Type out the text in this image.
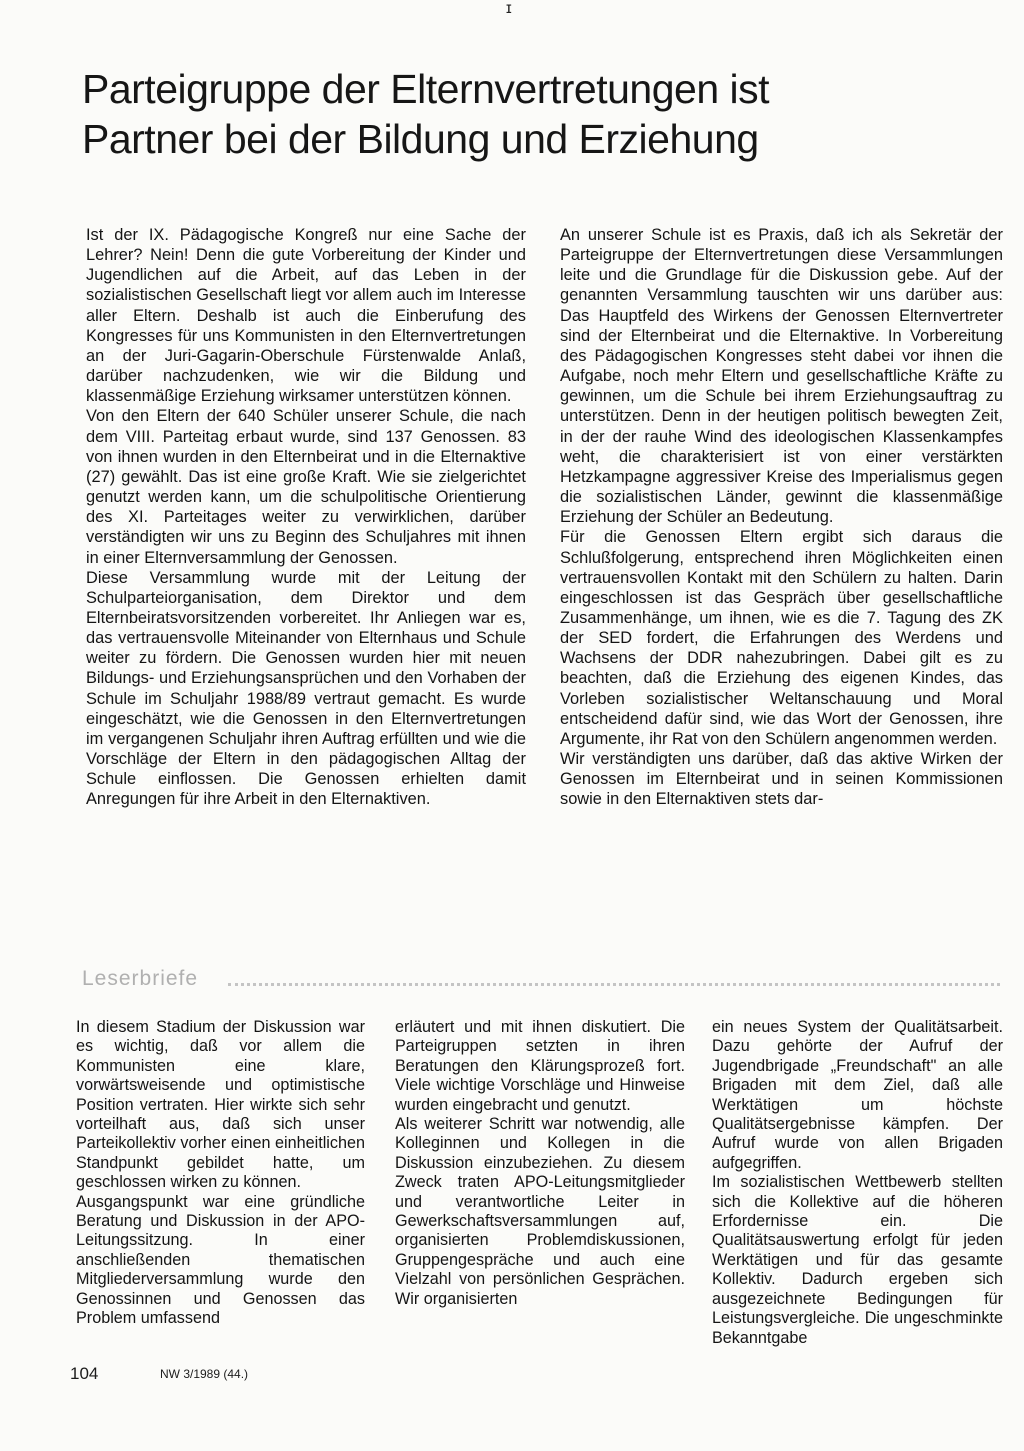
ɪ
Parteigruppe der Elternvertretungen ist
Partner bei der Bildung und Erziehung

Ist der IX. Pädagogische Kongreß nur eine Sache der Lehrer? Nein! Denn die gute Vorbereitung der Kinder und Jugendlichen auf die Arbeit, auf das Leben in der sozialistischen Gesellschaft liegt vor allem auch im Interesse aller Eltern. Deshalb ist auch die Einberufung des Kongresses für uns Kommunisten in den Elternvertretungen an der Juri-Gagarin-Oberschule Fürstenwalde Anlaß, darüber nachzudenken, wie wir die Bildung und klassenmäßige Erziehung wirksamer unterstützen können.

Von den Eltern der 640 Schüler unserer Schule, die nach dem VIII. Parteitag erbaut wurde, sind 137 Genossen. 83 von ihnen wurden in den Elternbeirat und in die Elternaktive (27) gewählt. Das ist eine große Kraft. Wie sie zielgerichtet genutzt werden kann, um die schulpolitische Orientierung des XI. Parteitages weiter zu verwirklichen, darüber verständigten wir uns zu Beginn des Schuljahres mit ihnen in einer Elternversammlung der Genossen.

Diese Versammlung wurde mit der Leitung der Schulparteiorganisation, dem Direktor und dem Elternbeiratsvorsitzenden vorbereitet. Ihr Anliegen war es, das vertrauensvolle Miteinander von Elternhaus und Schule weiter zu fördern. Die Genossen wurden hier mit neuen Bildungs- und Erziehungsansprüchen und den Vorhaben der Schule im Schuljahr 1988/89 vertraut gemacht. Es wurde eingeschätzt, wie die Genossen in den Elternvertretungen im vergangenen Schuljahr ihren Auftrag erfüllten und wie die Vorschläge der Eltern in den pädagogischen Alltag der Schule einflossen. Die Genossen erhielten damit Anregungen für ihre Arbeit in den Elternaktiven.

An unserer Schule ist es Praxis, daß ich als Sekretär der Parteigruppe der Elternvertretungen diese Versammlungen leite und die Grundlage für die Diskussion gebe. Auf der genannten Versammlung tauschten wir uns darüber aus: Das Hauptfeld des Wirkens der Genossen Elternvertreter sind der Elternbeirat und die Elternaktive. In Vorbereitung des Pädagogischen Kongresses steht dabei vor ihnen die Aufgabe, noch mehr Eltern und gesellschaftliche Kräfte zu gewinnen, um die Schule bei ihrem Erziehungsauftrag zu unterstützen. Denn in der heutigen politisch bewegten Zeit, in der der rauhe Wind des ideologischen Klassenkampfes weht, die charakterisiert ist von einer verstärkten Hetzkampagne aggressiver Kreise des Imperialismus gegen die sozialistischen Länder, gewinnt die klassenmäßige Erziehung der Schüler an Bedeutung.

Für die Genossen Eltern ergibt sich daraus die Schlußfolgerung, entsprechend ihren Möglichkeiten einen vertrauensvollen Kontakt mit den Schülern zu halten. Darin eingeschlossen ist das Gespräch über gesellschaftliche Zusammenhänge, um ihnen, wie es die 7. Tagung des ZK der SED fordert, die Erfahrungen des Werdens und Wachsens der DDR nahezubringen. Dabei gilt es zu beachten, daß die Erziehung des eigenen Kindes, das Vorleben sozialistischer Weltanschauung und Moral entscheidend dafür sind, wie das Wort der Genossen, ihre Argumente, ihr Rat von den Schülern angenommen werden.

Wir verständigten uns darüber, daß das aktive Wirken der Genossen im Elternbeirat und in seinen Kommissionen sowie in den Elternaktiven stets dar-

Leserbriefe

In diesem Stadium der Diskussion war es wichtig, daß vor allem die Kommunisten eine klare, vorwärtsweisende und optimistische Position vertraten. Hier wirkte sich sehr vorteilhaft aus, daß sich unser Parteikollektiv vorher einen einheitlichen Standpunkt gebildet hatte, um geschlossen wirken zu können.

Ausgangspunkt war eine gründliche Beratung und Diskussion in der APO-Leitungssitzung. In einer anschließenden thematischen Mitgliederversammlung wurde den Genossinnen und Genossen das Problem umfassend

erläutert und mit ihnen diskutiert. Die Parteigruppen setzten in ihren Beratungen den Klärungsprozeß fort. Viele wichtige Vorschläge und Hinweise wurden eingebracht und genutzt.

Als weiterer Schritt war notwendig, alle Kolleginnen und Kollegen in die Diskussion einzubeziehen. Zu diesem Zweck traten APO-Leitungsmitglieder und verantwortliche Leiter in Gewerkschaftsversammlungen auf, organisierten Problemdiskussionen, Gruppengespräche und auch eine Vielzahl von persönlichen Gesprächen. Wir organisierten

ein neues System der Qualitätsarbeit. Dazu gehörte der Aufruf der Jugendbrigade „Freundschaft" an alle Brigaden mit dem Ziel, daß alle Werktätigen um höchste Qualitätsergebnisse kämpfen. Der Aufruf wurde von allen Brigaden aufgegriffen.

Im sozialistischen Wettbewerb stellten sich die Kollektive auf die höheren Erfordernisse ein. Die Qualitätsauswertung erfolgt für jeden Werktätigen und für das gesamte Kollektiv. Dadurch ergeben sich ausgezeichnete Bedingungen für Leistungsvergleiche. Die ungeschminkte Bekanntgabe

104	NW 3/1989 (44.)
